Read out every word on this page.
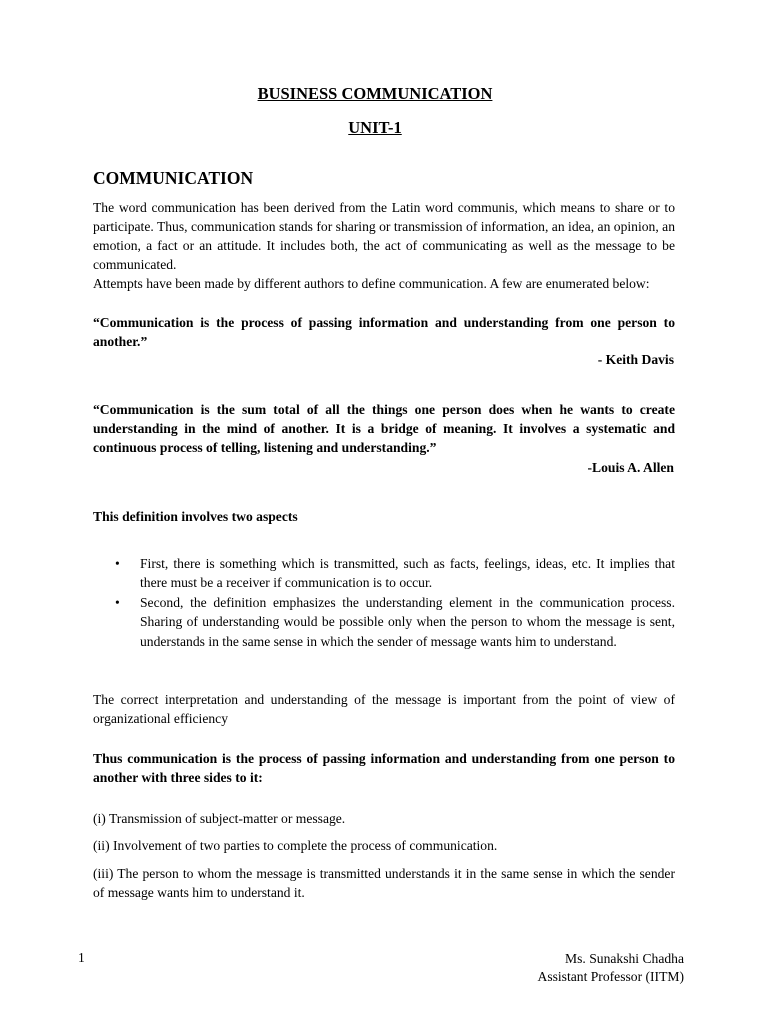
BUSINESS COMMUNICATION
UNIT-1
COMMUNICATION

The word communication has been derived from the Latin word communis, which means to share or to participate. Thus, communication stands for sharing or transmission of information, an idea, an opinion, an emotion, a fact or an attitude. It includes both, the act of communicating as well as the message to be communicated.

Attempts have been made by different authors to define communication. A few are enumerated below:

“Communication is the process of passing information and understanding from one person to another.”

- Keith Davis

“Communication is the sum total of all the things one person does when he wants to create understanding in the mind of another. It is a bridge of meaning. It involves a systematic and continuous process of telling, listening and understanding.”

-Louis A. Allen

This definition involves two aspects

• First, there is something which is transmitted, such as facts, feelings, ideas, etc. It implies that there must be a receiver if communication is to occur.
• Second, the definition emphasizes the understanding element in the communication process. Sharing of understanding would be possible only when the person to whom the message is sent, understands in the same sense in which the sender of message wants him to understand.

The correct interpretation and understanding of the message is important from the point of view of organizational efficiency

Thus communication is the process of passing information and understanding from one person to another with three sides to it:

(i) Transmission of subject-matter or message.

(ii) Involvement of two parties to complete the process of communication.

(iii) The person to whom the message is transmitted understands it in the same sense in which the sender of message wants him to understand it.

1	Ms. Sunakshi Chadha
Assistant Professor (IITM)
